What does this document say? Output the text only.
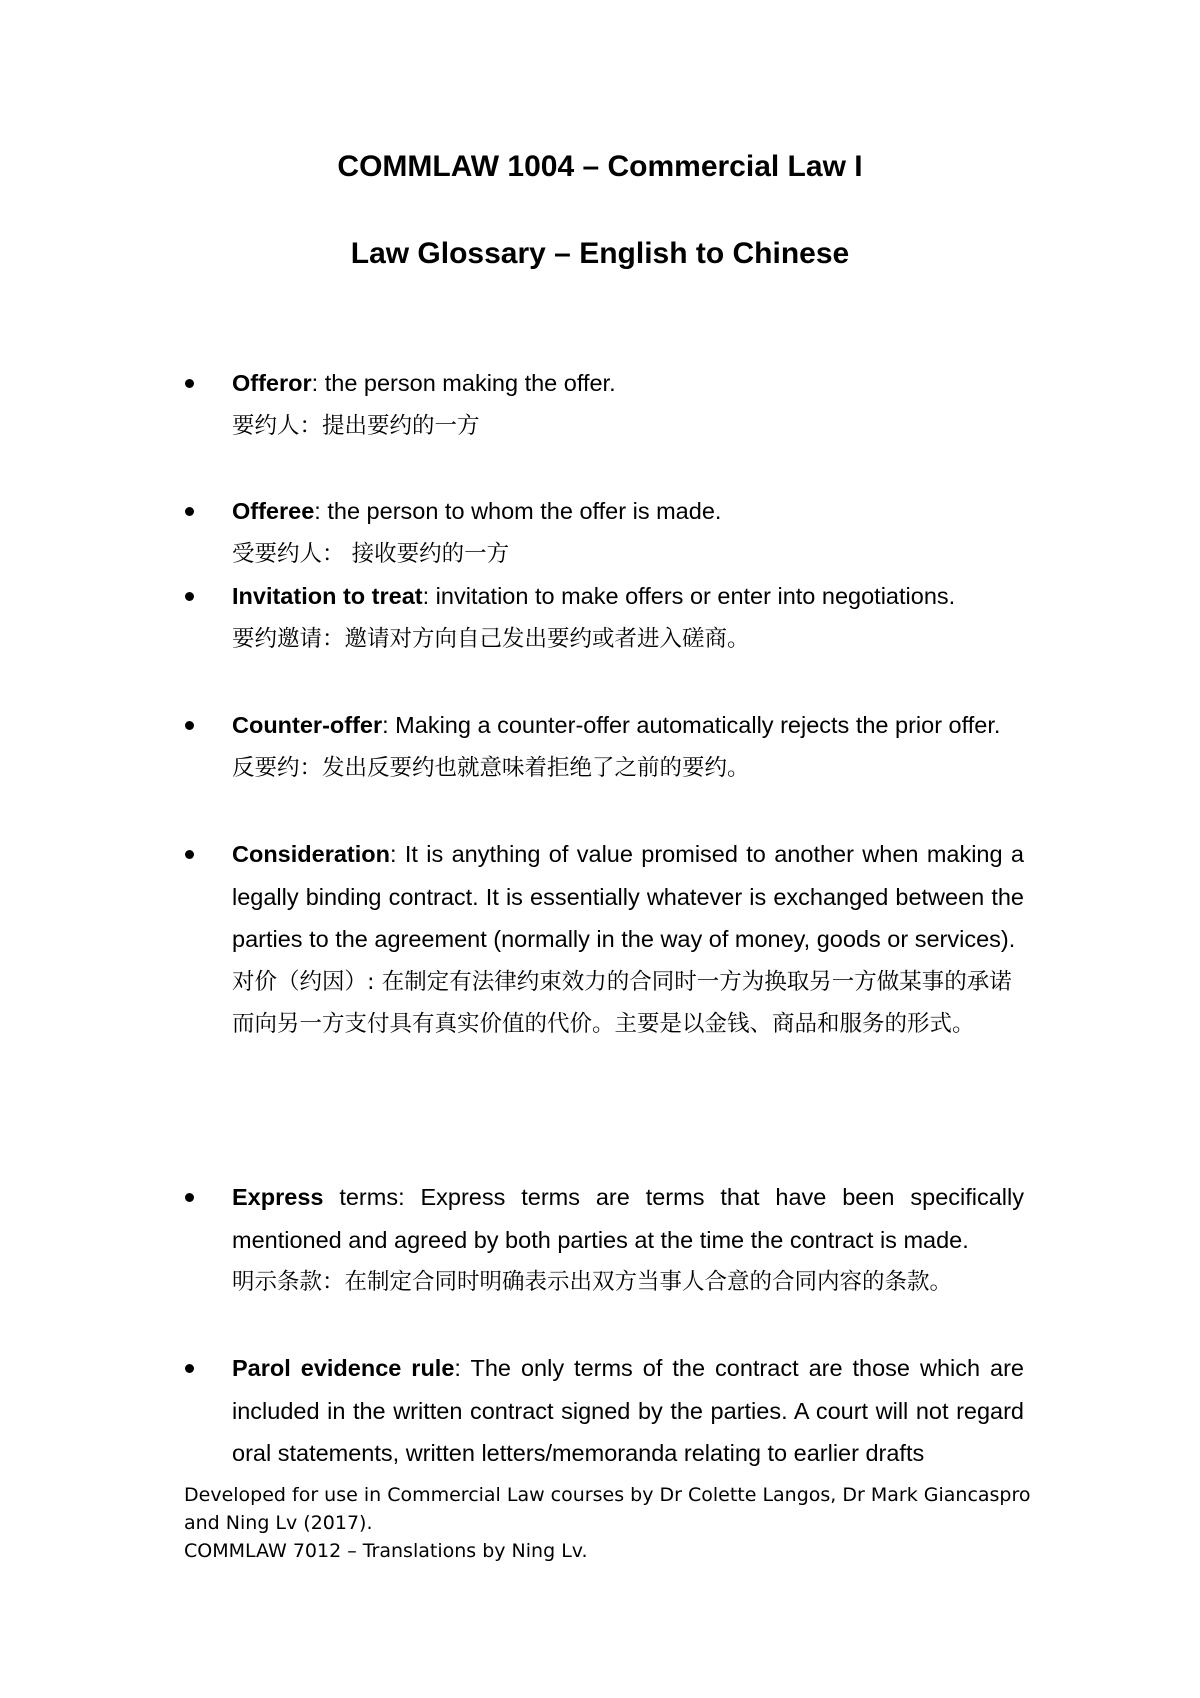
COMMLAW 1004 – Commercial Law I
Law Glossary – English to Chinese
Offeror: the person making the offer.
要约人：提出要约的一方
Offeree: the person to whom the offer is made.
受要约人： 接收要约的一方
Invitation to treat: invitation to make offers or enter into negotiations.
要约邀请：邀请对方向自己发出要约或者进入磋商。
Counter-offer: Making a counter-offer automatically rejects the prior offer.
反要约：发出反要约也就意味着拒绝了之前的要约。
Consideration: It is anything of value promised to another when making a legally binding contract. It is essentially whatever is exchanged between the parties to the agreement (normally in the way of money, goods or services).
对价（约因）: 在制定有法律约束效力的合同时一方为换取另一方做某事的承诺而向另一方支付具有真实价值的代价。主要是以金钱、商品和服务的形式。
Express terms: Express terms are terms that have been specifically mentioned and agreed by both parties at the time the contract is made.
明示条款：在制定合同时明确表示出双方当事人合意的合同内容的条款。
Parol evidence rule: The only terms of the contract are those which are included in the written contract signed by the parties. A court will not regard oral statements, written letters/memoranda relating to earlier drafts
Developed for use in Commercial Law courses by Dr Colette Langos, Dr Mark Giancaspro and Ning Lv (2017).
COMMLAW 7012 – Translations by Ning Lv.
